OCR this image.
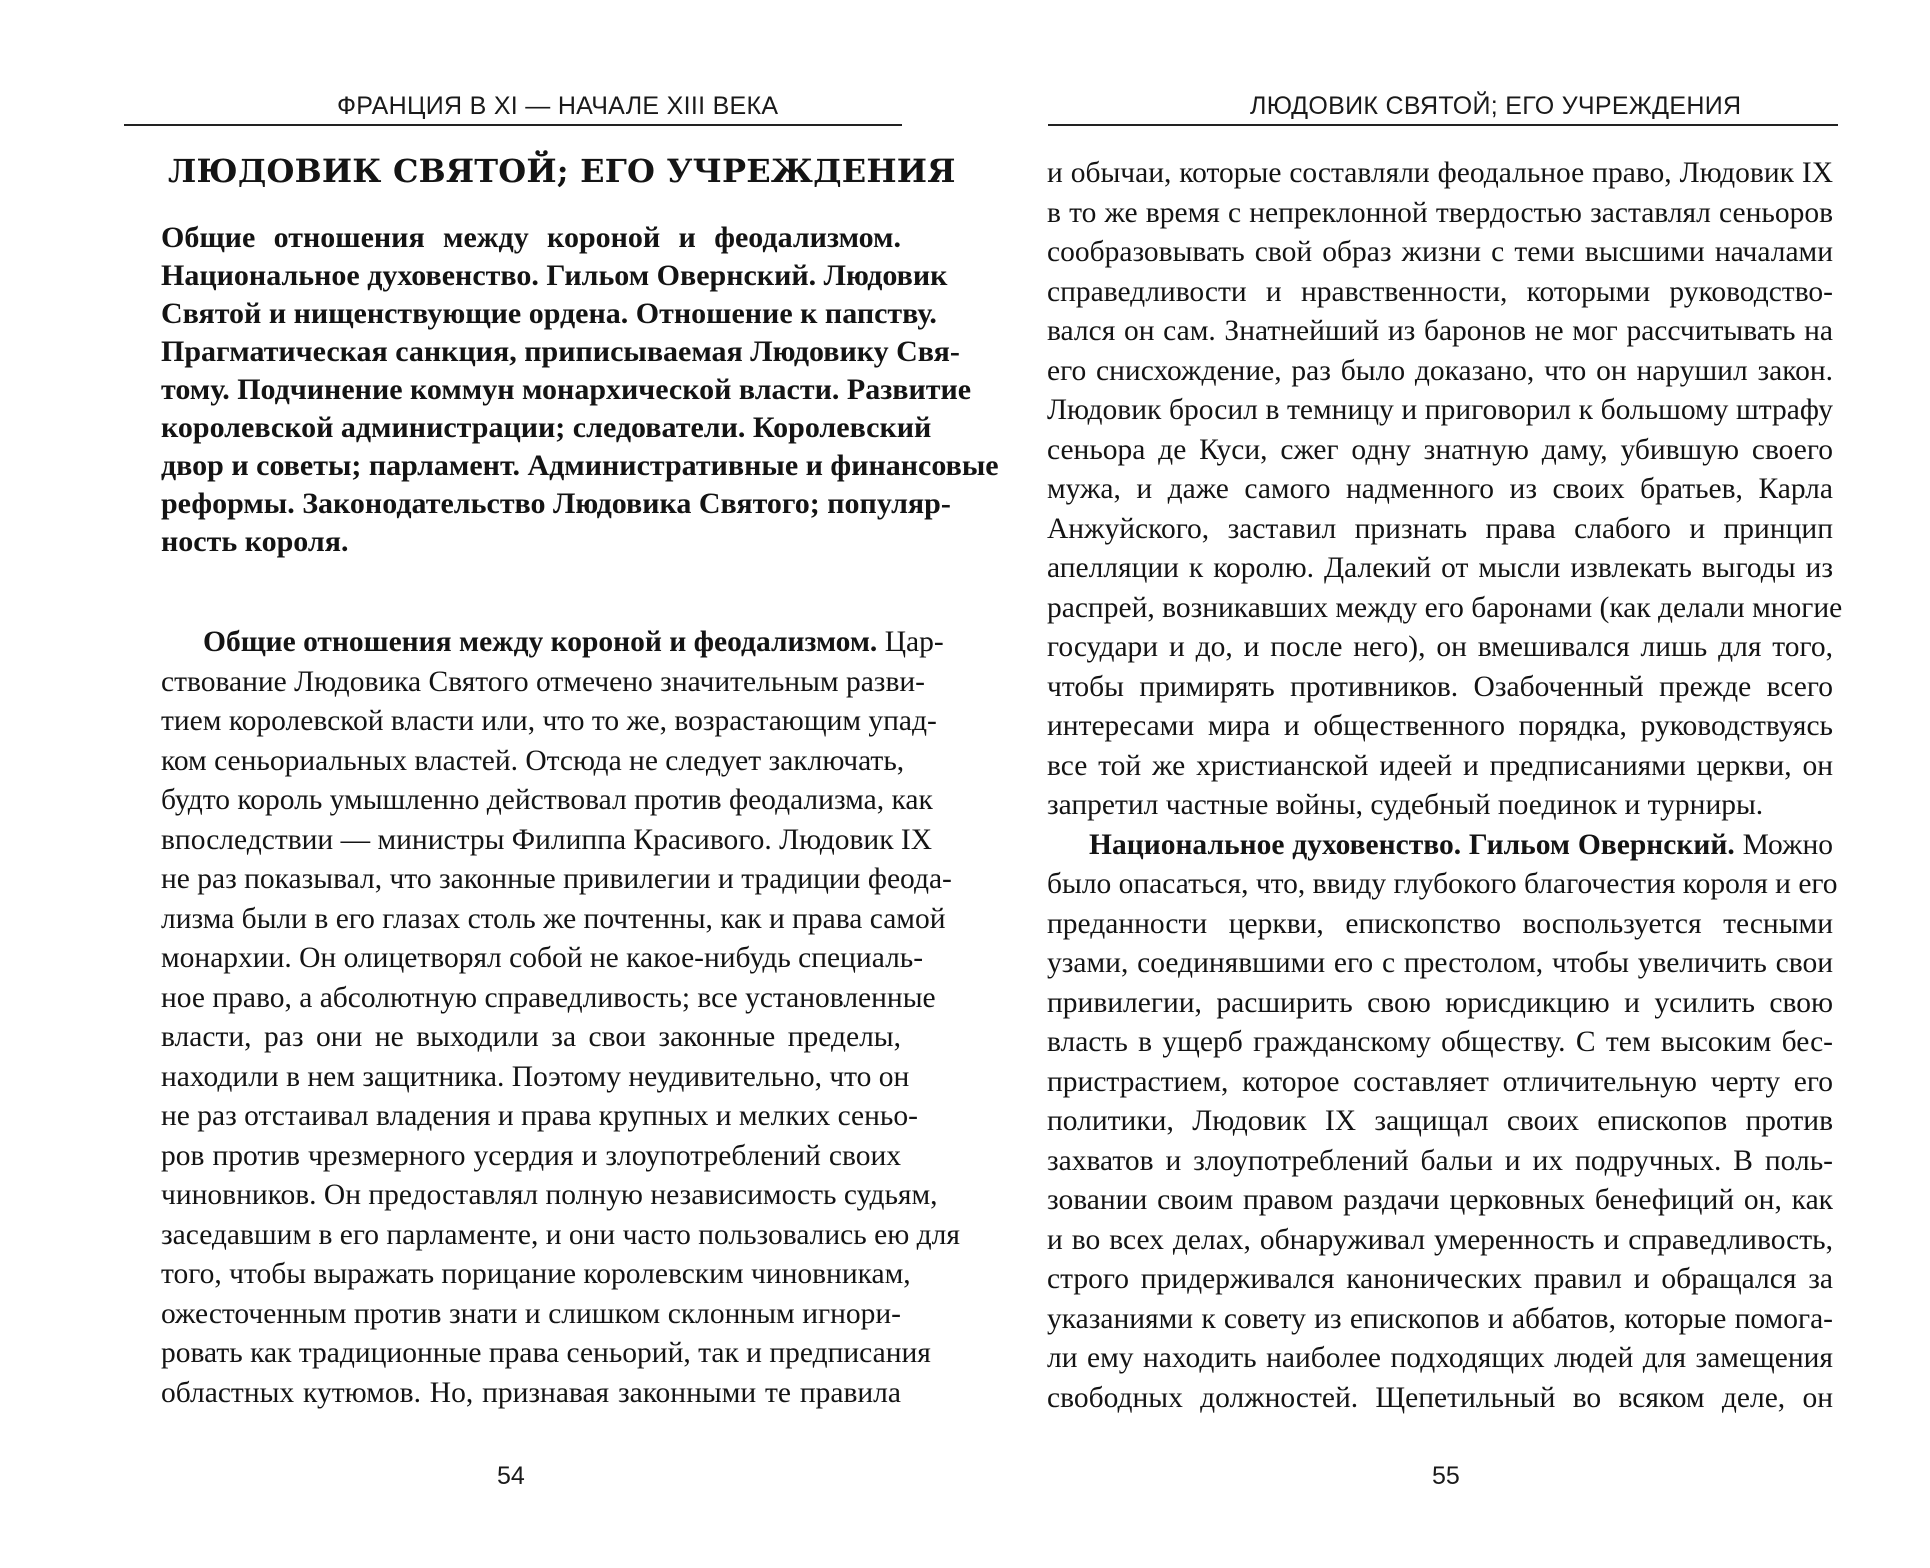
ФРАНЦИЯ В XI — НАЧАЛЕ XIII ВЕКА
ЛЮДОВИК СВЯТОЙ; ЕГО УЧРЕЖДЕНИЯ
Общие отношения между короной и феодализмом.
Национальное духовенство. Гильом Овернский. Людовик
Святой и нищенствующие ордена. Отношение к папству.
Прагматическая санкция, приписываемая Людовику Свя-
тому. Подчинение коммун монархической власти. Развитие
королевской администрации; следователи. Королевский
двор и советы; парламент. Административные и финансовые
реформы. Законодательство Людовика Святого; популяр-
ность короля.
Общие отношения между короной и феодализмом. Цар-
ствование Людовика Святого отмечено значительным разви-
тием королевской власти или, что то же, возрастающим упад-
ком сеньориальных властей. Отсюда не следует заключать,
будто король умышленно действовал против феодализма, как
впоследствии — министры Филиппа Красивого. Людовик IX
не раз показывал, что законные привилегии и традиции феода-
лизма были в его глазах столь же почтенны, как и права самой
монархии. Он олицетворял собой не какое-нибудь специаль-
ное право, а абсолютную справедливость; все установленные
власти, раз они не выходили за свои законные пределы,
находили в нем защитника. Поэтому неудивительно, что он
не раз отстаивал владения и права крупных и мелких сеньо-
ров против чрезмерного усердия и злоупотреблений своих
чиновников. Он предоставлял полную независимость судьям,
заседавшим в его парламенте, и они часто пользовались ею для
того, чтобы выражать порицание королевским чиновникам,
ожесточенным против знати и слишком склонным игнори-
ровать как традиционные права сеньорий, так и предписания
областных кутюмов. Но, признавая законными те правила
54
ЛЮДОВИК СВЯТОЙ; ЕГО УЧРЕЖДЕНИЯ
и обычаи, которые составляли феодальное право, Людовик IX
в то же время с непреклонной твердостью заставлял сеньоров
сообразовывать свой образ жизни с теми высшими началами
справедливости и нравственности, которыми руководство-
вался он сам. Знатнейший из баронов не мог рассчитывать на
его снисхождение, раз было доказано, что он нарушил закон.
Людовик бросил в темницу и приговорил к большому штрафу
сеньора де Куси, сжег одну знатную даму, убившую своего
мужа, и даже самого надменного из своих братьев, Карла
Анжуйского, заставил признать права слабого и принцип
апелляции к королю. Далекий от мысли извлекать выгоды из
распрей, возникавших между его баронами (как делали многие
государи и до, и после него), он вмешивался лишь для того,
чтобы примирять противников. Озабоченный прежде всего
интересами мира и общественного порядка, руководствуясь
все той же христианской идеей и предписаниями церкви, он
запретил частные войны, судебный поединок и турниры.
Национальное духовенство. Гильом Овернский. Можно
было опасаться, что, ввиду глубокого благочестия короля и его
преданности церкви, епископство воспользуется тесными
узами, соединявшими его с престолом, чтобы увеличить свои
привилегии, расширить свою юрисдикцию и усилить свою
власть в ущерб гражданскому обществу. С тем высоким бес-
пристрастием, которое составляет отличительную черту его
политики, Людовик IX защищал своих епископов против
захватов и злоупотреблений бальи и их подручных. В поль-
зовании своим правом раздачи церковных бенефиций он, как
и во всех делах, обнаруживал умеренность и справедливость,
строго придерживался канонических правил и обращался за
указаниями к совету из епископов и аббатов, которые помога-
ли ему находить наиболее подходящих людей для замещения
свободных должностей. Щепетильный во всяком деле, он
55
